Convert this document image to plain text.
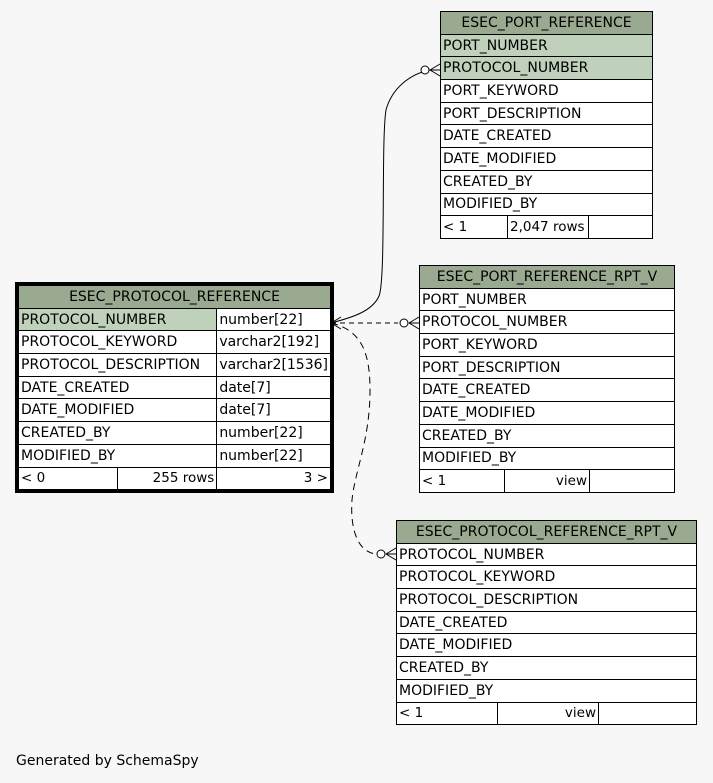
ESEC_PORT_REFERENCE
PORT_NUMBER
PROTOCOL_NUMBER
PORT_KEYWORD
PORT_DESCRIPTION
DATE_CREATED
DATE_MODIFIED
CREATED_BY
MODIFIED_BY
< 1	2,047 rows	
ESEC_PROTOCOL_REFERENCE		
PROTOCOL_NUMBER		number[22]
PROTOCOL_KEYWORD		varchar2[192]
PROTOCOL_DESCRIPTION		varchar2[1536]
DATE_CREATED		date[7]
DATE_MODIFIED		date[7]
CREATED_BY		number[22]
MODIFIED_BY		number[22]
< 0	255 rows	3 >
ESEC_PORT_REFERENCE_RPT_V
PORT_NUMBER
PROTOCOL_NUMBER
PORT_KEYWORD
PORT_DESCRIPTION
DATE_CREATED
DATE_MODIFIED
CREATED_BY
MODIFIED_BY
< 1	view	
ESEC_PROTOCOL_REFERENCE_RPT_V
PROTOCOL_NUMBER
PROTOCOL_KEYWORD
PROTOCOL_DESCRIPTION
DATE_CREATED
DATE_MODIFIED
CREATED_BY
MODIFIED_BY
< 1	view	
Generated by SchemaSpy
